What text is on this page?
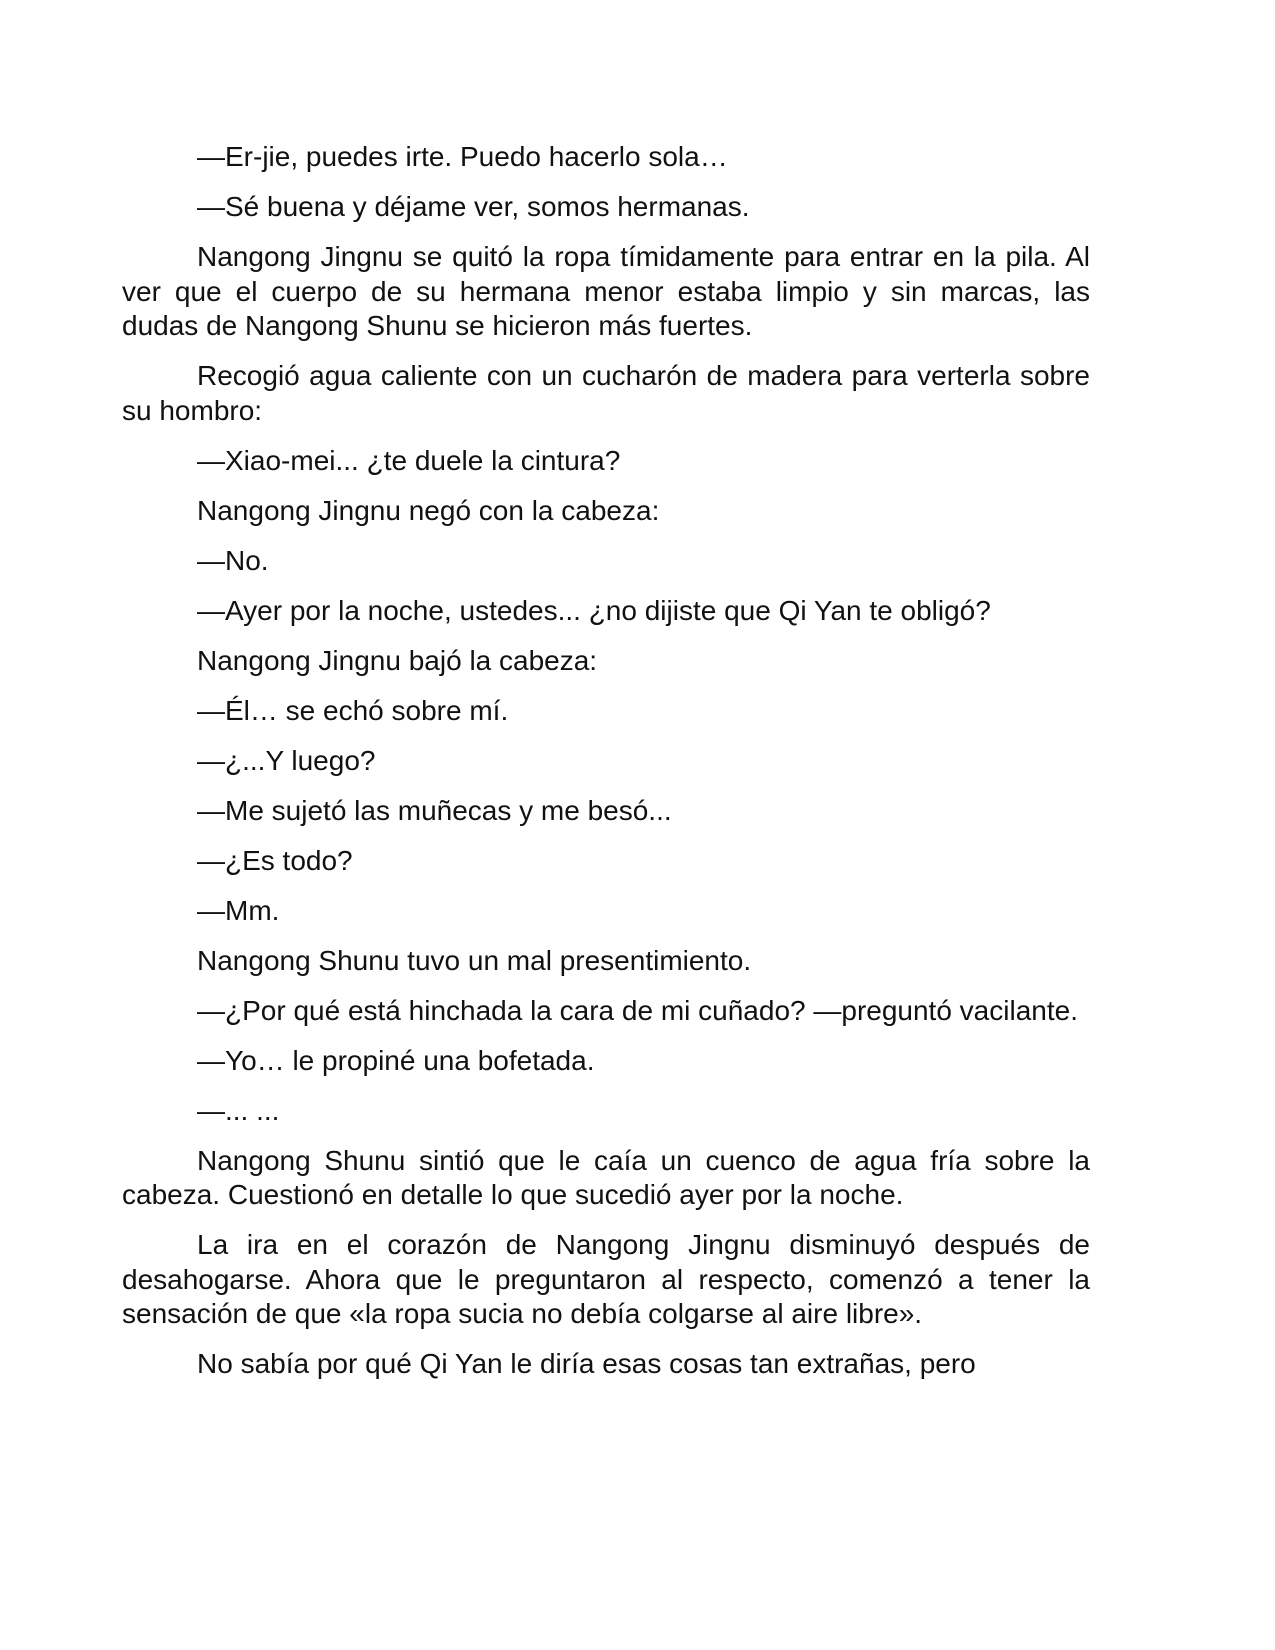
—Er-jie, puedes irte. Puedo hacerlo sola…

—Sé buena y déjame ver, somos hermanas.

Nangong Jingnu se quitó la ropa tímidamente para entrar en la pila. Al ver que el cuerpo de su hermana menor estaba limpio y sin marcas, las dudas de Nangong Shunu se hicieron más fuertes.

Recogió agua caliente con un cucharón de madera para verterla sobre su hombro:

—Xiao-mei... ¿te duele la cintura?

Nangong Jingnu negó con la cabeza:

—No.

—Ayer por la noche, ustedes... ¿no dijiste que Qi Yan te obligó?

Nangong Jingnu bajó la cabeza:

—Él… se echó sobre mí.

—¿...Y luego?

—Me sujetó las muñecas y me besó...

—¿Es todo?

—Mm.

Nangong Shunu tuvo un mal presentimiento.

—¿Por qué está hinchada la cara de mi cuñado? —preguntó vacilante.

—Yo… le propiné una bofetada.

—... ...

Nangong Shunu sintió que le caía un cuenco de agua fría sobre la cabeza. Cuestionó en detalle lo que sucedió ayer por la noche.

La ira en el corazón de Nangong Jingnu disminuyó después de desahogarse. Ahora que le preguntaron al respecto, comenzó a tener la sensación de que «la ropa sucia no debía colgarse al aire libre».

No sabía por qué Qi Yan le diría esas cosas tan extrañas, pero
